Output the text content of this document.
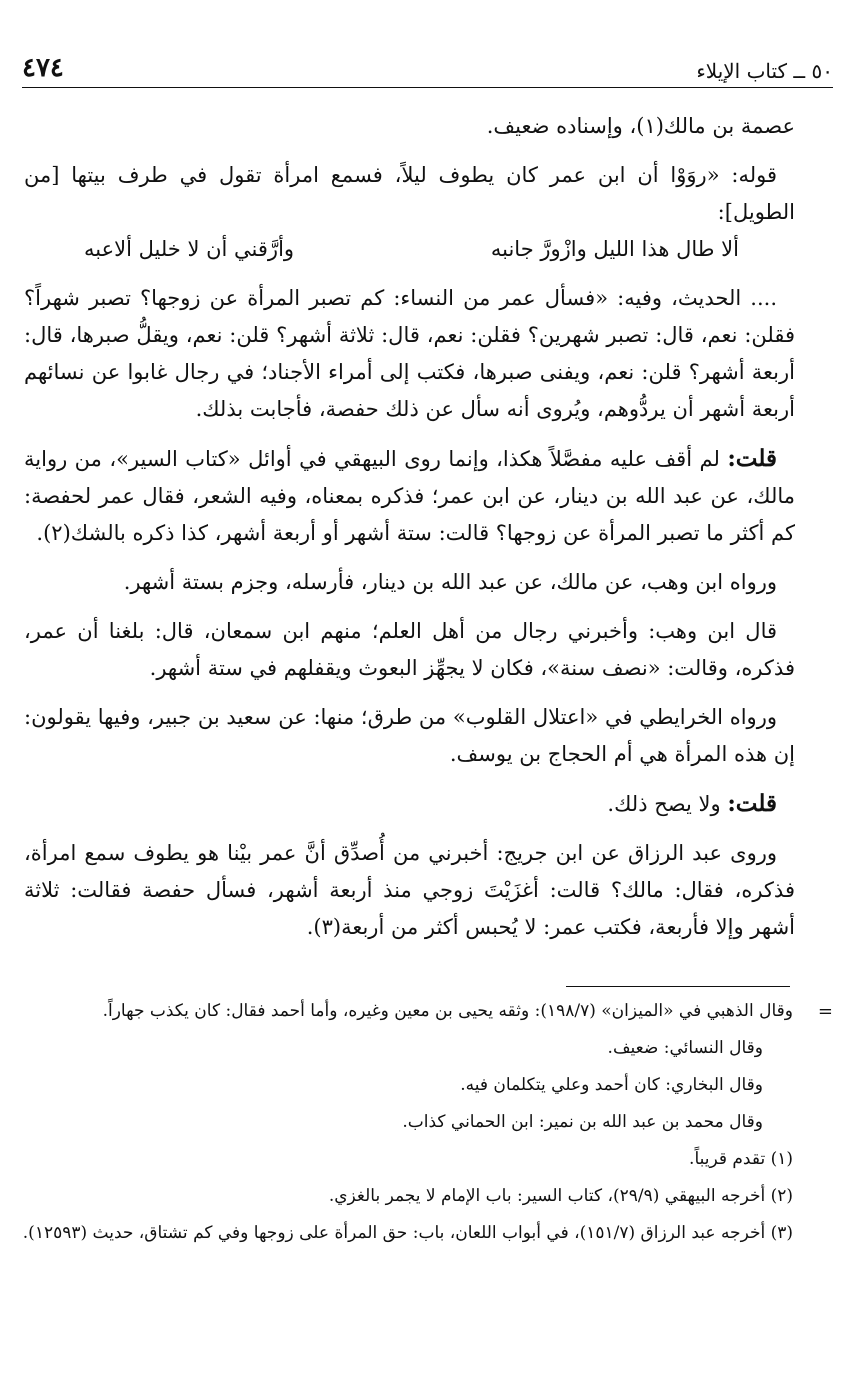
٤٧٤	٥٠ ــ كتاب الإيلاء

عصمة بن مالك(١)، وإسناده ضعيف.

قوله: «روَوْا أن ابن عمر كان يطوف ليلاً، فسمع امرأة تقول في طرف بيتها [من الطويل]:

ألا طال هذا الليل وازْورَّ جانبه
وأرَّقني أن لا خليل ألاعبه

.... الحديث، وفيه: «فسأل عمر من النساء: كم تصبر المرأة عن زوجها؟ تصبر شهراً؟ فقلن: نعم، قال: تصبر شهرين؟ فقلن: نعم، قال: ثلاثة أشهر؟ قلن: نعم، ويقلُّ صبرها، قال: أربعة أشهر؟ قلن: نعم، ويفنى صبرها، فكتب إلى أمراء الأجناد؛ في رجال غابوا عن نسائهم أربعة أشهر أن يردُّوهم، ويُروى أنه سأل عن ذلك حفصة، فأجابت بذلك.

قلت: لم أقف عليه مفصَّلاً هكذا، وإنما روى البيهقي في أوائل «كتاب السير»، من رواية مالك، عن عبد الله بن دينار، عن ابن عمر؛ فذكره بمعناه، وفيه الشعر، فقال عمر لحفصة: كم أكثر ما تصبر المرأة عن زوجها؟ قالت: ستة أشهر أو أربعة أشهر، كذا ذكره بالشك(٢).

ورواه ابن وهب، عن مالك، عن عبد الله بن دينار، فأرسله، وجزم بستة أشهر.

قال ابن وهب: وأخبرني رجال من أهل العلم؛ منهم ابن سمعان، قال: بلغنا أن عمر، فذكره، وقالت: «نصف سنة»، فكان لا يجهِّز البعوث ويقفلهم في ستة أشهر.

ورواه الخرايطي في «اعتلال القلوب» من طرق؛ منها: عن سعيد بن جبير، وفيها يقولون: إن هذه المرأة هي أم الحجاج بن يوسف.

قلت: ولا يصح ذلك.

وروى عبد الرزاق عن ابن جريج: أخبرني من أُصدِّق أنَّ عمر بيْنا هو يطوف سمع امرأة، فذكره، فقال: مالك؟ قالت: أغزَيْتَ زوجي منذ أربعة أشهر، فسأل حفصة فقالت: ثلاثة أشهر وإلا فأربعة، فكتب عمر: لا يُحبس أكثر من أربعة(٣).

=

وقال الذهبي في «الميزان» (١٩٨/٧): وثقه يحيى بن معين وغيره، وأما أحمد فقال: كان يكذب جهاراً.

وقال النسائي: ضعيف.

وقال البخاري: كان أحمد وعلي يتكلمان فيه.

وقال محمد بن عبد الله بن نمير: ابن الحماني كذاب.

(١) تقدم قريباً.

(٢) أخرجه البيهقي (٢٩/٩)، كتاب السير: باب الإمام لا يجمر بالغزي.

(٣) أخرجه عبد الرزاق (١٥١/٧)، في أبواب اللعان، باب: حق المرأة على زوجها وفي كم تشتاق، حديث (١٢٥٩٣).
